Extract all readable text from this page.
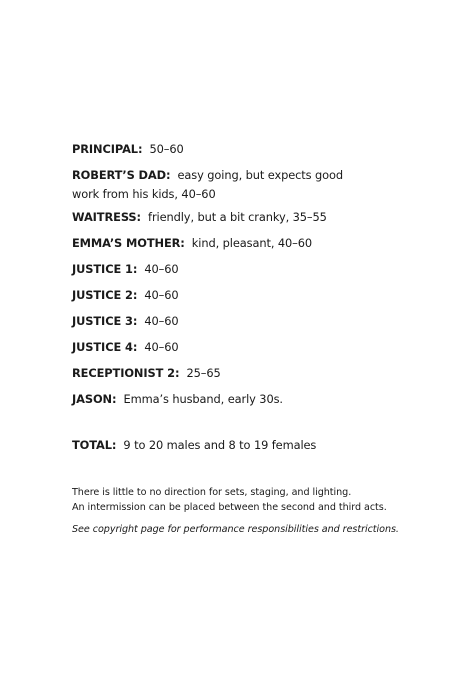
PRINCIPAL: 50–60
ROBERT’S DAD: easy going, but expects good work from his kids, 40–60
WAITRESS: friendly, but a bit cranky, 35–55
EMMA’S MOTHER: kind, pleasant, 40–60
JUSTICE 1: 40–60
JUSTICE 2: 40–60
JUSTICE 3: 40–60
JUSTICE 4: 40–60
RECEPTIONIST 2: 25–65
JASON: Emma’s husband, early 30s.
TOTAL: 9 to 20 males and 8 to 19 females
There is little to no direction for sets, staging, and lighting.
An intermission can be placed between the second and third acts.
See copyright page for performance responsibilities and restrictions.
